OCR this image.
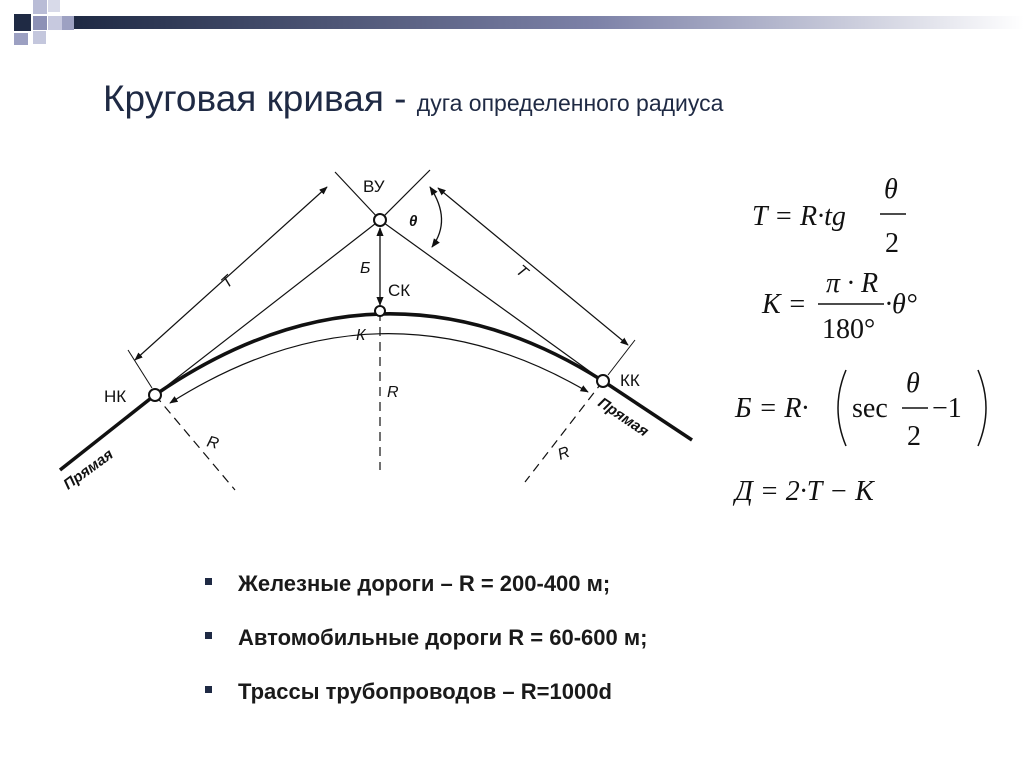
Круговая кривая - дуга определенного радиуса
ВУ
θ
СК
Б
К
R
R
R
T
T
НК
КК
Прямая
Прямая
T = R·tg
θ
2
K =
π · R
180°
·θ°
Б = R· sec
θ
2
−1
Д = 2·Т − К
Железные дороги – R = 200-400 м;
Автомобильные дороги R = 60-600 м;
Трассы трубопроводов – R=1000d
